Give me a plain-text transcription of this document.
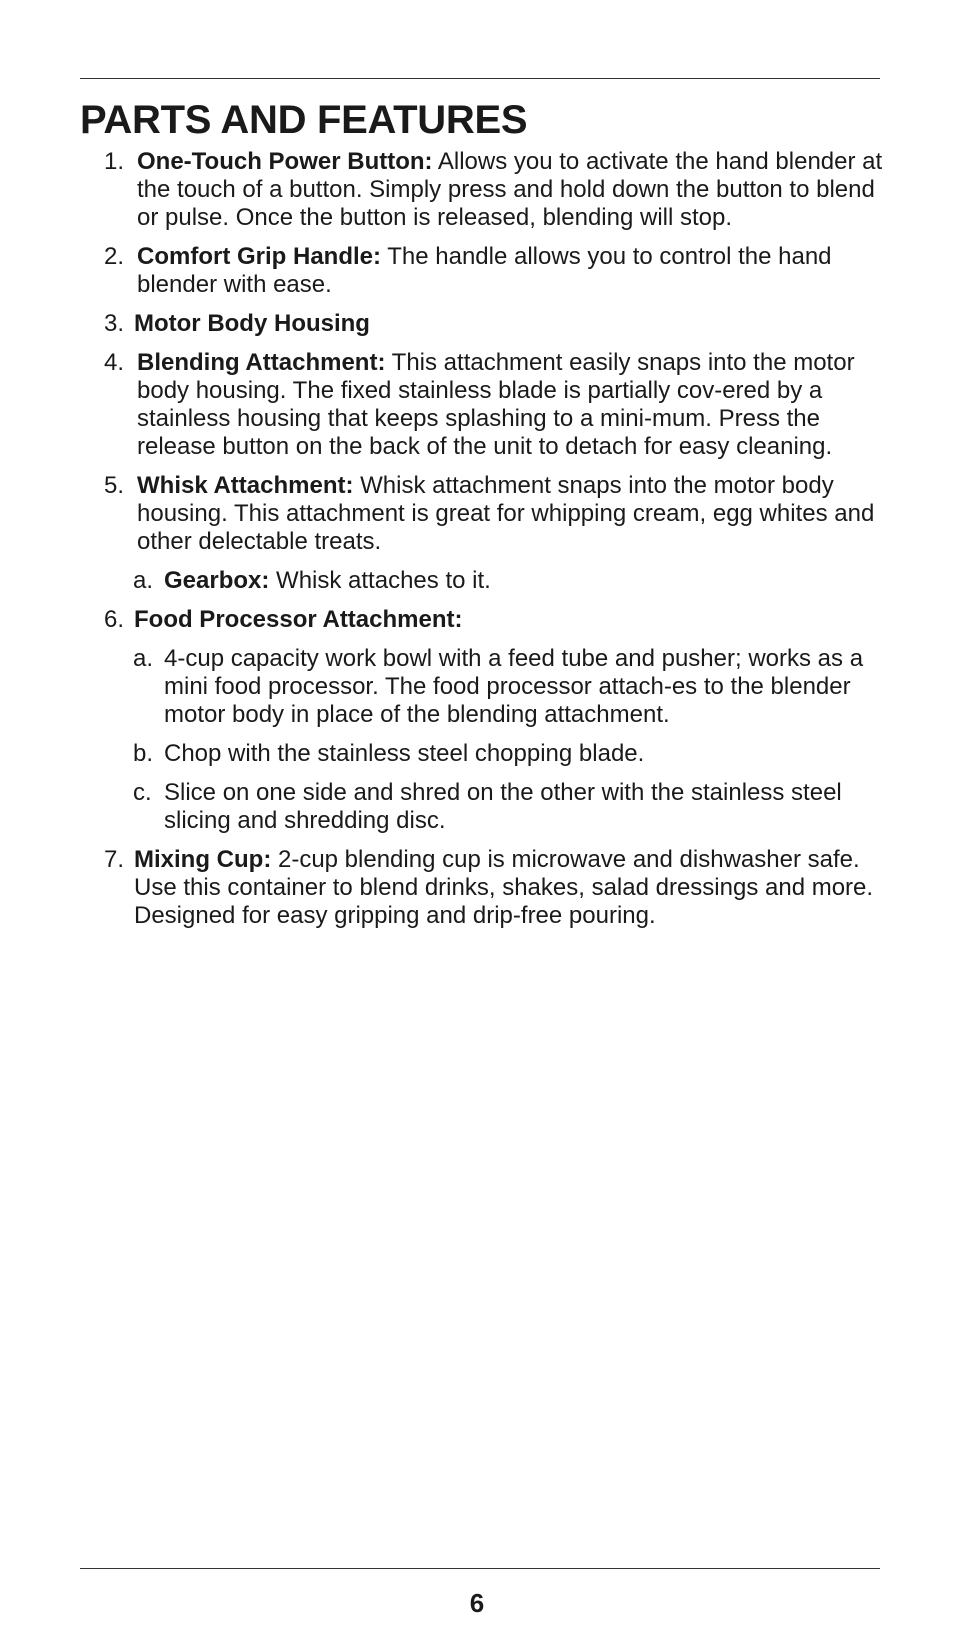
PARTS AND FEATURES
1. One-Touch Power Button: Allows you to activate the hand blender at the touch of a button. Simply press and hold down the button to blend or pulse. Once the button is released, blending will stop.
2. Comfort Grip Handle: The handle allows you to control the hand blender with ease.
3. Motor Body Housing
4. Blending Attachment: This attachment easily snaps into the motor body housing. The fixed stainless blade is partially cov-ered by a stainless housing that keeps splashing to a mini-mum. Press the release button on the back of the unit to detach for easy cleaning.
5. Whisk Attachment: Whisk attachment snaps into the motor body housing. This attachment is great for whipping cream, egg whites and other delectable treats.
a. Gearbox: Whisk attaches to it.
6. Food Processor Attachment:
a. 4-cup capacity work bowl with a feed tube and pusher; works as a mini food processor. The food processor attach-es to the blender motor body in place of the blending attachment.
b. Chop with the stainless steel chopping blade.
c. Slice on one side and shred on the other with the stainless steel slicing and shredding disc.
7. Mixing Cup: 2-cup blending cup is microwave and dishwasher safe. Use this container to blend drinks, shakes, salad dressings and more. Designed for easy gripping and drip-free pouring.
6
